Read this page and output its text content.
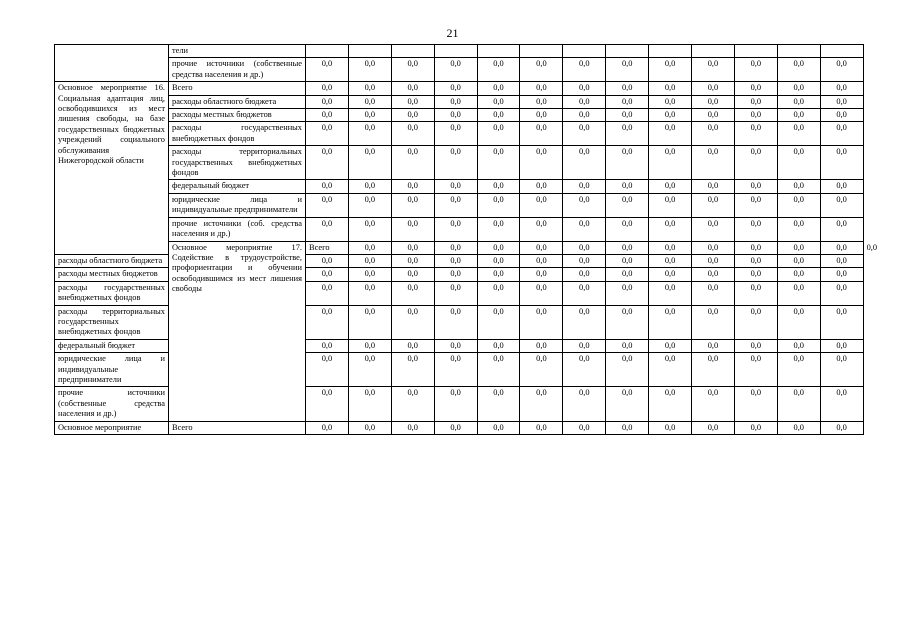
21
	тели														
	прочие источники (собственные средства населения и др.)	0,0	0,0	0,0	0,0	0,0	0,0	0,0	0,0	0,0	0,0	0,0	0,0	0,0	
Основное мероприятие 16. Социальная адаптация лиц, освободившихся из мест лишения свободы, на базе государственных бюджетных учреждений социального обслуживания Нижегородской области	Всего	0,0	0,0	0,0	0,0	0,0	0,0	0,0	0,0	0,0	0,0	0,0	0,0	0,0	
	расходы областного бюджета	0,0	0,0	0,0	0,0	0,0	0,0	0,0	0,0	0,0	0,0	0,0	0,0	0,0	
	расходы местных бюджетов	0,0	0,0	0,0	0,0	0,0	0,0	0,0	0,0	0,0	0,0	0,0	0,0	0,0	
	расходы государственных внебюджетных фондов	0,0	0,0	0,0	0,0	0,0	0,0	0,0	0,0	0,0	0,0	0,0	0,0	0,0	
	расходы территориальных государственных внебюджетных фондов	0,0	0,0	0,0	0,0	0,0	0,0	0,0	0,0	0,0	0,0	0,0	0,0	0,0	
	федеральный бюджет	0,0	0,0	0,0	0,0	0,0	0,0	0,0	0,0	0,0	0,0	0,0	0,0	0,0	
	юридические лица и индивидуальные предприниматели	0,0	0,0	0,0	0,0	0,0	0,0	0,0	0,0	0,0	0,0	0,0	0,0	0,0	
	прочие источники (соб. средства населения и др.)	0,0	0,0	0,0	0,0	0,0	0,0	0,0	0,0	0,0	0,0	0,0	0,0	0,0	
	Основное мероприятие 17. Содействие в трудоустройстве, профориентации и обучении освободившимся из мест лишения свободы	Всего	0,0	0,0	0,0	0,0	0,0	0,0	0,0	0,0	0,0	0,0	0,0	0,0	0,0
расходы областного бюджета		0,0	0,0	0,0	0,0	0,0	0,0	0,0	0,0	0,0	0,0	0,0	0,0	0,0	
расходы местных бюджетов		0,0	0,0	0,0	0,0	0,0	0,0	0,0	0,0	0,0	0,0	0,0	0,0	0,0	
расходы государственных внебюджетных фондов		0,0	0,0	0,0	0,0	0,0	0,0	0,0	0,0	0,0	0,0	0,0	0,0	0,0	
расходы территориальных государственных внебюджетных фондов		0,0	0,0	0,0	0,0	0,0	0,0	0,0	0,0	0,0	0,0	0,0	0,0	0,0	
федеральный бюджет		0,0	0,0	0,0	0,0	0,0	0,0	0,0	0,0	0,0	0,0	0,0	0,0	0,0	
юридические лица и индивидуальные предприниматели		0,0	0,0	0,0	0,0	0,0	0,0	0,0	0,0	0,0	0,0	0,0	0,0	0,0	
прочие источники (собственные средства населения и др.)		0,0	0,0	0,0	0,0	0,0	0,0	0,0	0,0	0,0	0,0	0,0	0,0	0,0	
Основное мероприятие	Всего	0,0	0,0	0,0	0,0	0,0	0,0	0,0	0,0	0,0	0,0	0,0	0,0	0,0	
